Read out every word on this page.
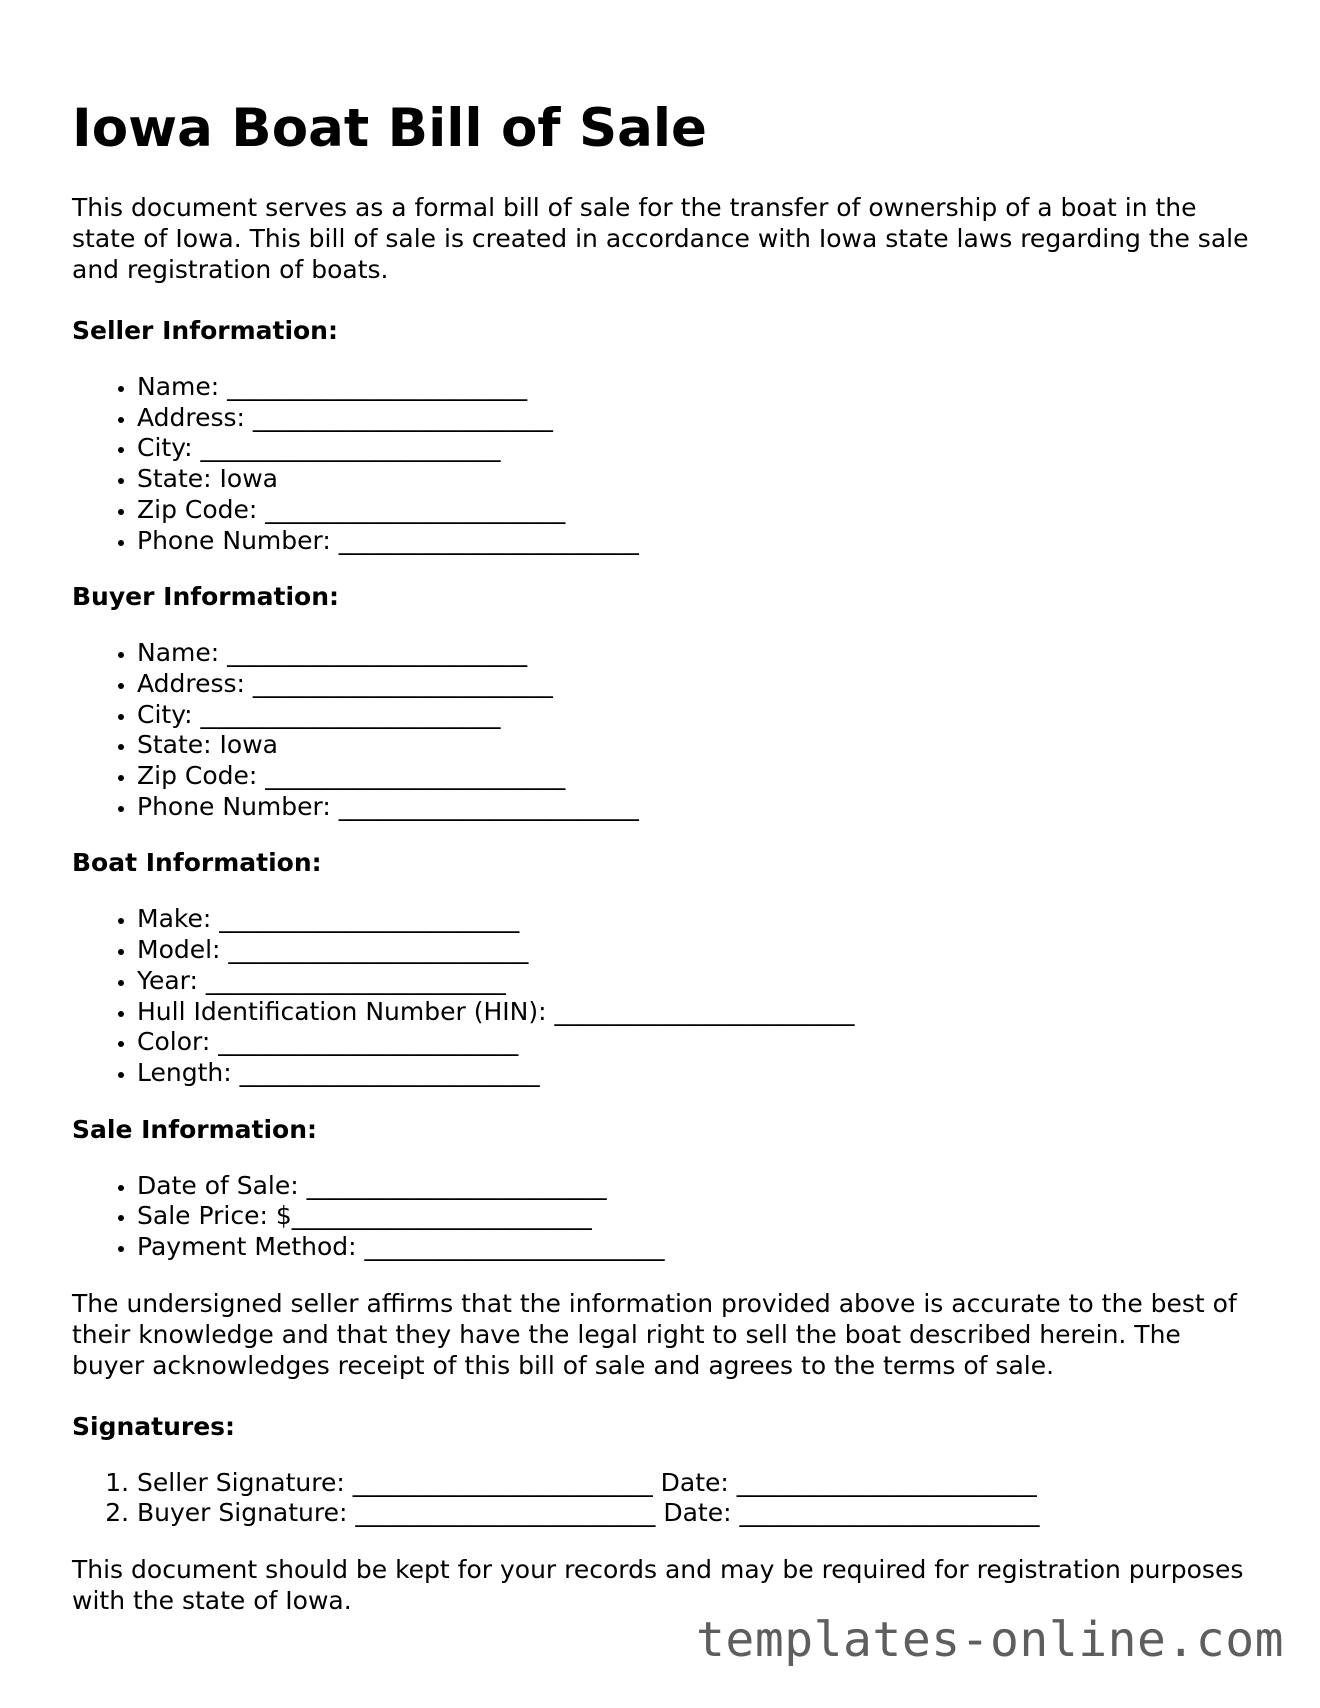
Iowa Boat Bill of Sale

This document serves as a formal bill of sale for the transfer of ownership of a boat in the state of Iowa. This bill of sale is created in accordance with Iowa state laws regarding the sale and registration of boats.

Seller Information:
• Name: ________________________
• Address: ________________________
• City: ________________________
• State: Iowa
• Zip Code: ________________________
• Phone Number: ________________________
Buyer Information:
• Name: ________________________
• Address: ________________________
• City: ________________________
• State: Iowa
• Zip Code: ________________________
• Phone Number: ________________________
Boat Information:
• Make: ________________________
• Model: ________________________
• Year: ________________________
• Hull Identification Number (HIN): ________________________
• Color: ________________________
• Length: ________________________
Sale Information:
• Date of Sale: ________________________
• Sale Price: $________________________
• Payment Method: ________________________

The undersigned seller affirms that the information provided above is accurate to the best of their knowledge and that they have the legal right to sell the boat described herein. The buyer acknowledges receipt of this bill of sale and agrees to the terms of sale.

Signatures:
1. Seller Signature: ________________________ Date: ________________________
2. Buyer Signature: ________________________ Date: ________________________

This document should be kept for your records and may be required for registration purposes with the state of Iowa.

templates-online.com
